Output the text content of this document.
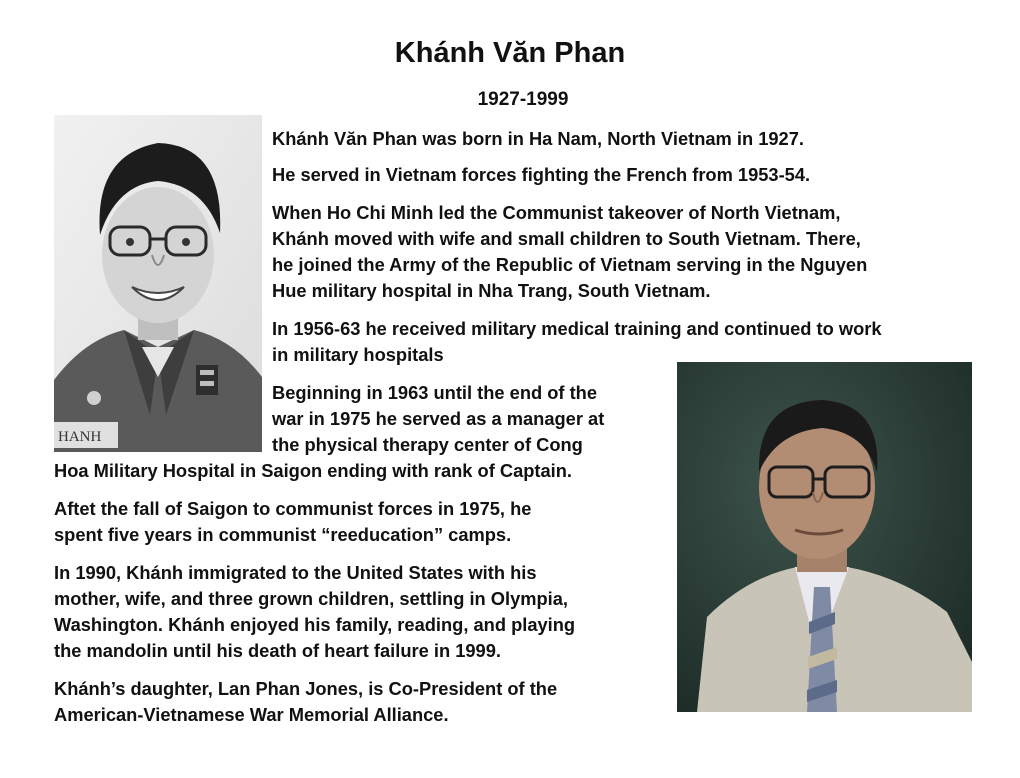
Khánh Văn Phan
1927-1999
HANH
Khánh Văn Phan was born in Ha Nam, North Vietnam in 1927.
He served in Vietnam forces fighting the French from 1953-54.
When Ho Chi Minh led the Communist takeover of North Vietnam,
Khánh moved with wife and small children to South Vietnam. There,
he joined the Army of the Republic of Vietnam serving in the Nguyen
Hue military hospital in Nha Trang, South Vietnam.
In 1956-63 he received military medical training and continued to work
in military hospitals
Beginning in 1963 until the end of the
war in 1975 he served as a manager at
the physical therapy center of Cong
Hoa Military Hospital in Saigon ending with rank of Captain.
Aftet the fall of Saigon to communist forces in 1975, he
spent five years in communist “reeducation” camps.
In 1990, Khánh immigrated to the United States with his
mother, wife, and three grown children, settling in Olympia,
Washington. Khánh enjoyed his family, reading, and playing
the mandolin until his death of heart failure in 1999.
Khánh’s daughter, Lan Phan Jones, is Co-President of the
American-Vietnamese War Memorial Alliance.
